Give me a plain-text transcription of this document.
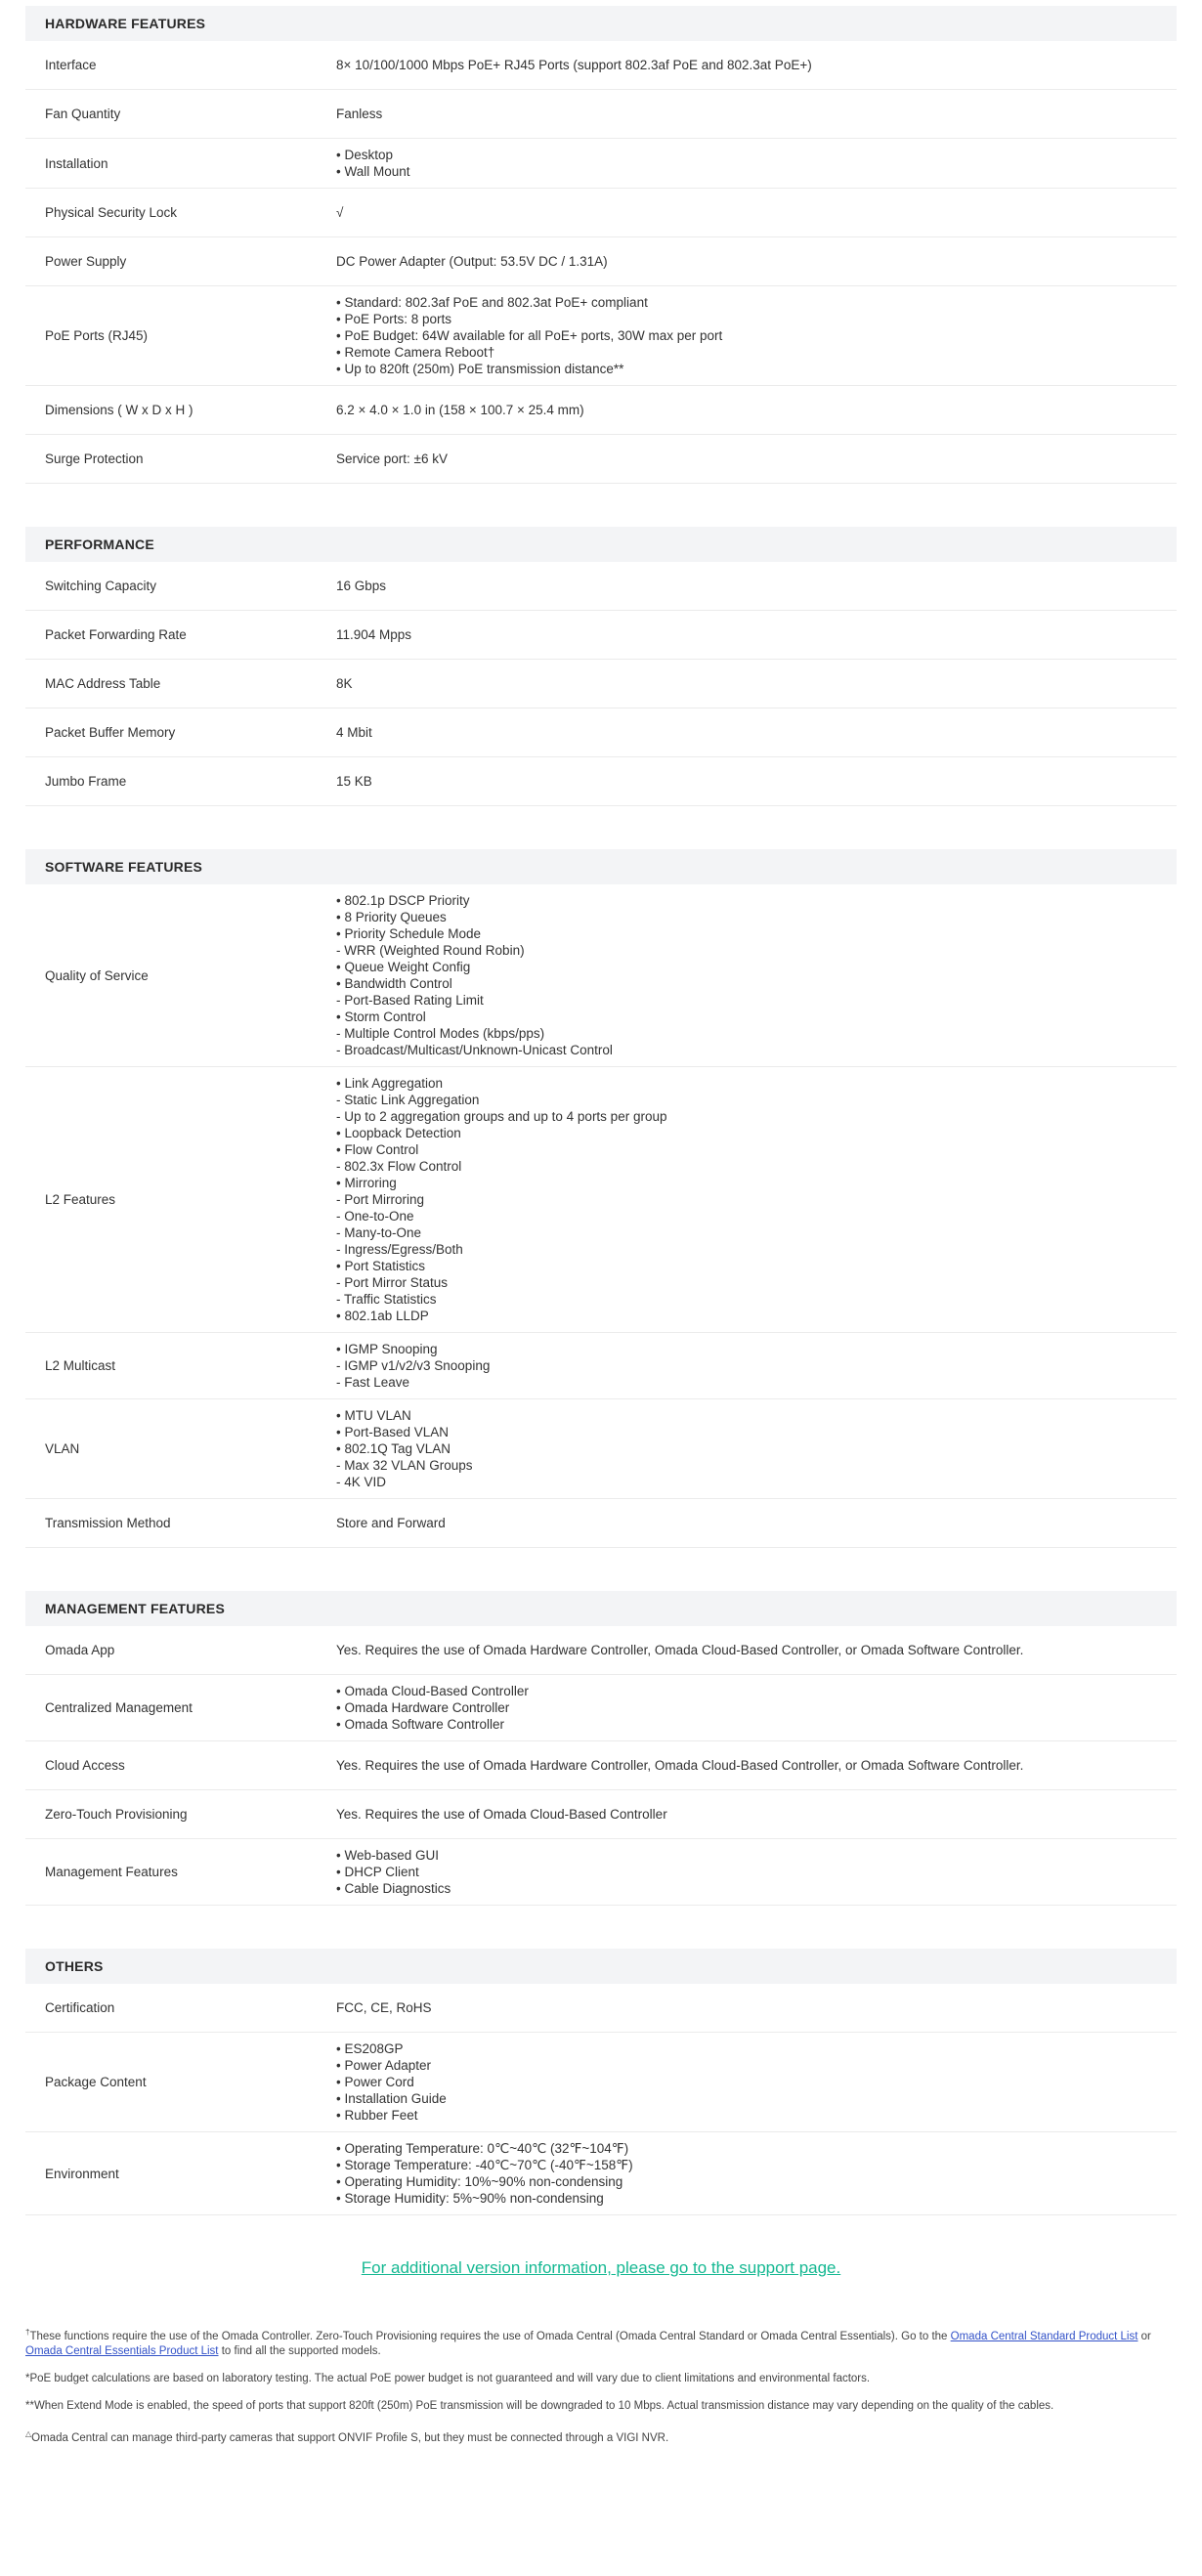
HARDWARE FEATURES
Interface	8× 10/100/1000 Mbps PoE+ RJ45 Ports (support 802.3af PoE and 802.3at PoE+)
Fan Quantity	Fanless
Installation
• Desktop
• Wall Mount
Physical Security Lock	√
Power Supply	DC Power Adapter (Output: 53.5V DC / 1.31A)
PoE Ports (RJ45)
• Standard: 802.3af PoE and 802.3at PoE+ compliant
• PoE Ports: 8 ports
• PoE Budget: 64W available for all PoE+ ports, 30W max per port
• Remote Camera Reboot†
• Up to 820ft (250m) PoE transmission distance**
Dimensions ( W x D x H )	6.2 × 4.0 × 1.0 in (158 × 100.7 × 25.4 mm)
Surge Protection	Service port: ±6 kV
PERFORMANCE
Switching Capacity	16 Gbps
Packet Forwarding Rate	11.904 Mpps
MAC Address Table	8K
Packet Buffer Memory	4 Mbit
Jumbo Frame	15 KB
SOFTWARE FEATURES
Quality of Service
• 802.1p DSCP Priority
• 8 Priority Queues
• Priority Schedule Mode
- WRR (Weighted Round Robin)
• Queue Weight Config
• Bandwidth Control
- Port-Based Rating Limit
• Storm Control
- Multiple Control Modes (kbps/pps)
- Broadcast/Multicast/Unknown-Unicast Control
L2 Features
• Link Aggregation
- Static Link Aggregation
- Up to 2 aggregation groups and up to 4 ports per group
• Loopback Detection
• Flow Control
- 802.3x Flow Control
• Mirroring
- Port Mirroring
- One-to-One
- Many-to-One
- Ingress/Egress/Both
• Port Statistics
- Port Mirror Status
- Traffic Statistics
• 802.1ab LLDP
L2 Multicast
• IGMP Snooping
- IGMP v1/v2/v3 Snooping
- Fast Leave
VLAN
• MTU VLAN
• Port-Based VLAN
• 802.1Q Tag VLAN
- Max 32 VLAN Groups
- 4K VID
Transmission Method	Store and Forward
MANAGEMENT FEATURES
Omada App	Yes. Requires the use of Omada Hardware Controller, Omada Cloud-Based Controller, or Omada Software Controller.
Centralized Management
• Omada Cloud-Based Controller
• Omada Hardware Controller
• Omada Software Controller
Cloud Access	Yes. Requires the use of Omada Hardware Controller, Omada Cloud-Based Controller, or Omada Software Controller.
Zero-Touch Provisioning	Yes. Requires the use of Omada Cloud-Based Controller
Management Features
• Web-based GUI
• DHCP Client
• Cable Diagnostics
OTHERS
Certification	FCC, CE, RoHS
Package Content
• ES208GP
• Power Adapter
• Power Cord
• Installation Guide
• Rubber Feet
Environment
• Operating Temperature: 0℃~40℃ (32℉~104℉)
• Storage Temperature: -40℃~70℃ (-40℉~158℉)
• Operating Humidity: 10%~90% non-condensing
• Storage Humidity: 5%~90% non-condensing
For additional version information, please go to the support page.

†These functions require the use of the Omada Controller. Zero-Touch Provisioning requires the use of Omada Central (Omada Central Standard or Omada Central Essentials). Go to the Omada Central Standard Product List or Omada Central Essentials Product List to find all the supported models.

*PoE budget calculations are based on laboratory testing. The actual PoE power budget is not guaranteed and will vary due to client limitations and environmental factors.

**When Extend Mode is enabled, the speed of ports that support 820ft (250m) PoE transmission will be downgraded to 10 Mbps. Actual transmission distance may vary depending on the quality of the cables.

△Omada Central can manage third-party cameras that support ONVIF Profile S, but they must be connected through a VIGI NVR.
